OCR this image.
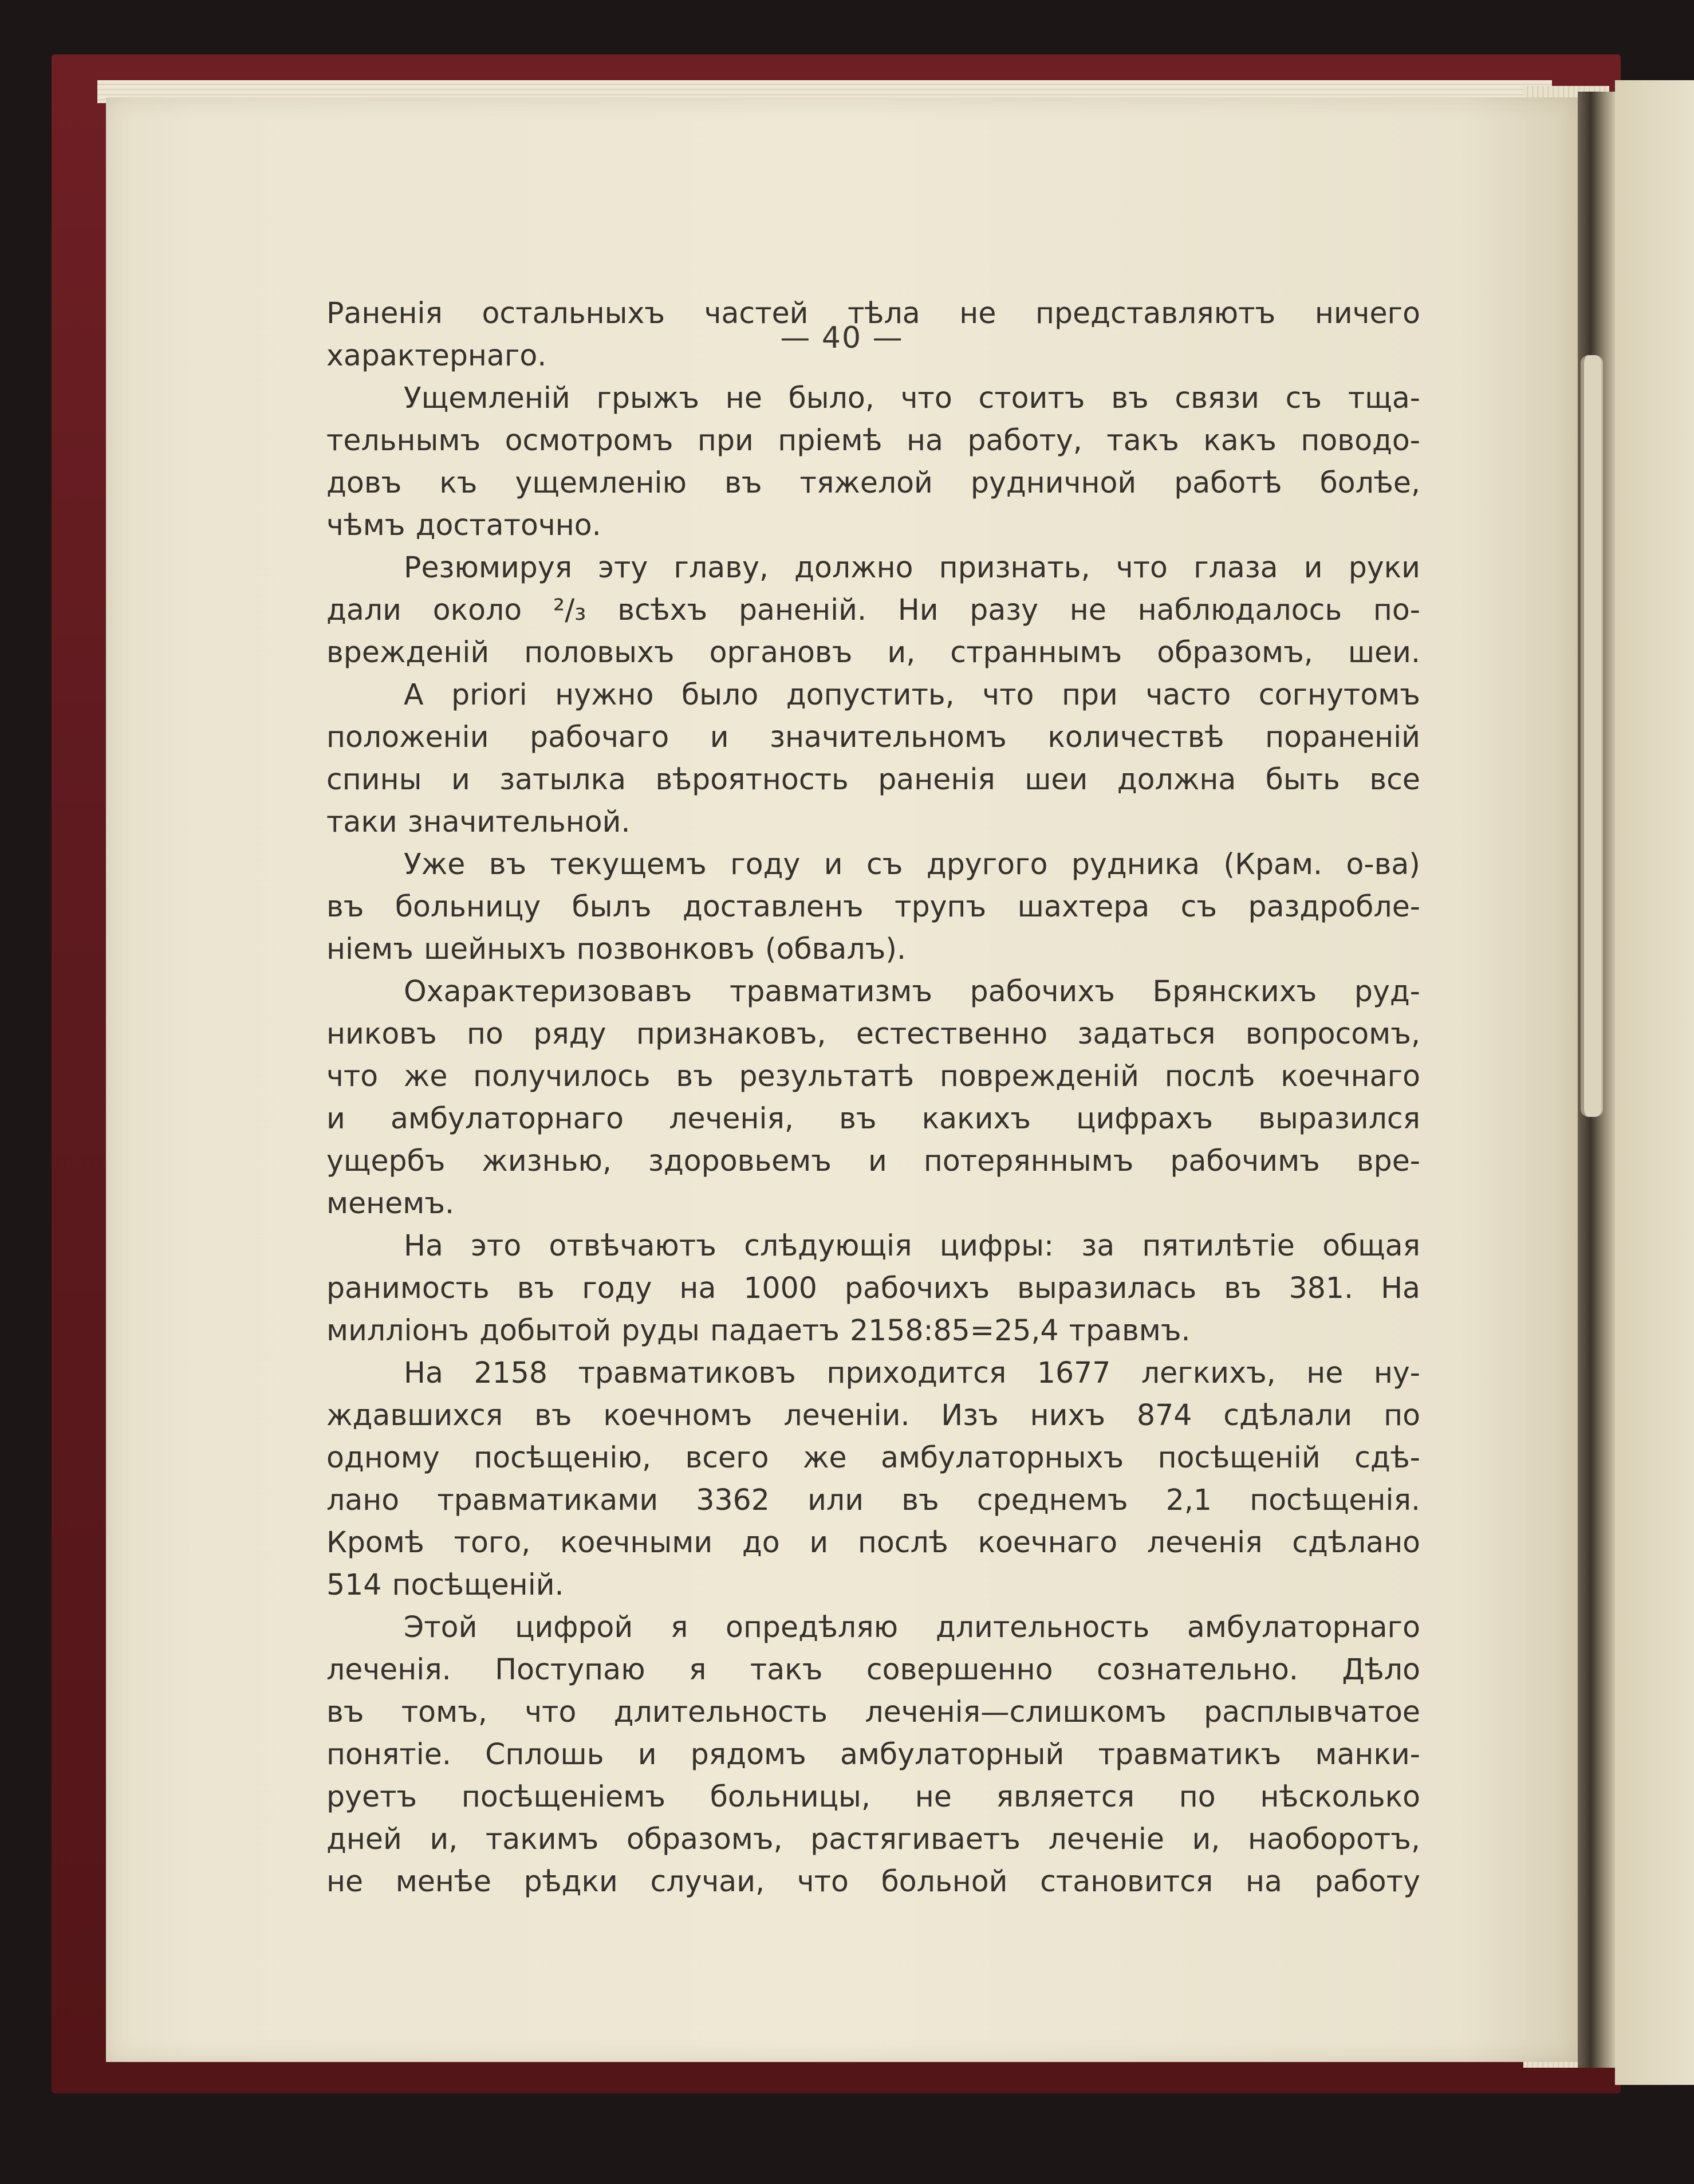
— 40 —
Раненія остальныхъ частей тѣла не представляютъ ничего
характернаго.
Ущемленій грыжъ не было, что стоитъ въ связи съ тща-
тельнымъ осмотромъ при пріемѣ на работу, такъ какъ поводо-
довъ къ ущемленію въ тяжелой рудничной работѣ болѣе,
чѣмъ достаточно.
Резюмируя эту главу, должно признать, что глаза и руки
дали около ²/₃ всѣхъ раненій. Ни разу не наблюдалось по-
врежденій половыхъ органовъ и, страннымъ образомъ, шеи.
А priori нужно было допустить, что при часто согнутомъ
положеніи рабочаго и значительномъ количествѣ пораненій
спины и затылка вѣроятность раненія шеи должна быть все
таки значительной.
Уже въ текущемъ году и съ другого рудника (Крам. о-ва)
въ больницу былъ доставленъ трупъ шахтера съ раздробле-
ніемъ шейныхъ позвонковъ (обвалъ).
Охарактеризовавъ травматизмъ рабочихъ Брянскихъ руд-
никовъ по ряду признаковъ, естественно задаться вопросомъ,
что же получилось въ результатѣ поврежденій послѣ коечнаго
и амбулаторнаго леченія, въ какихъ цифрахъ выразился
ущербъ жизнью, здоровьемъ и потеряннымъ рабочимъ вре-
менемъ.
На это отвѣчаютъ слѣдующія цифры: за пятилѣтіе общая
ранимость въ году на 1000 рабочихъ выразилась въ 381. На
милліонъ добытой руды падаетъ 2158:85=25,4 травмъ.
На 2158 травматиковъ приходится 1677 легкихъ, не ну-
ждавшихся въ коечномъ леченіи. Изъ нихъ 874 сдѣлали по
одному посѣщенію, всего же амбулаторныхъ посѣщеній сдѣ-
лано травматиками 3362 или въ среднемъ 2,1 посѣщенія.
Кромѣ того, коечными до и послѣ коечнаго леченія сдѣлано
514 посѣщеній.
Этой цифрой я опредѣляю длительность амбулаторнаго
леченія. Поступаю я такъ совершенно сознательно. Дѣло
въ томъ, что длительность леченія—слишкомъ расплывчатое
понятіе. Сплошь и рядомъ амбулаторный травматикъ манки-
руетъ посѣщеніемъ больницы, не является по нѣсколько
дней и, такимъ образомъ, растягиваетъ леченіе и, наоборотъ,
не менѣе рѣдки случаи, что больной становится на работу
